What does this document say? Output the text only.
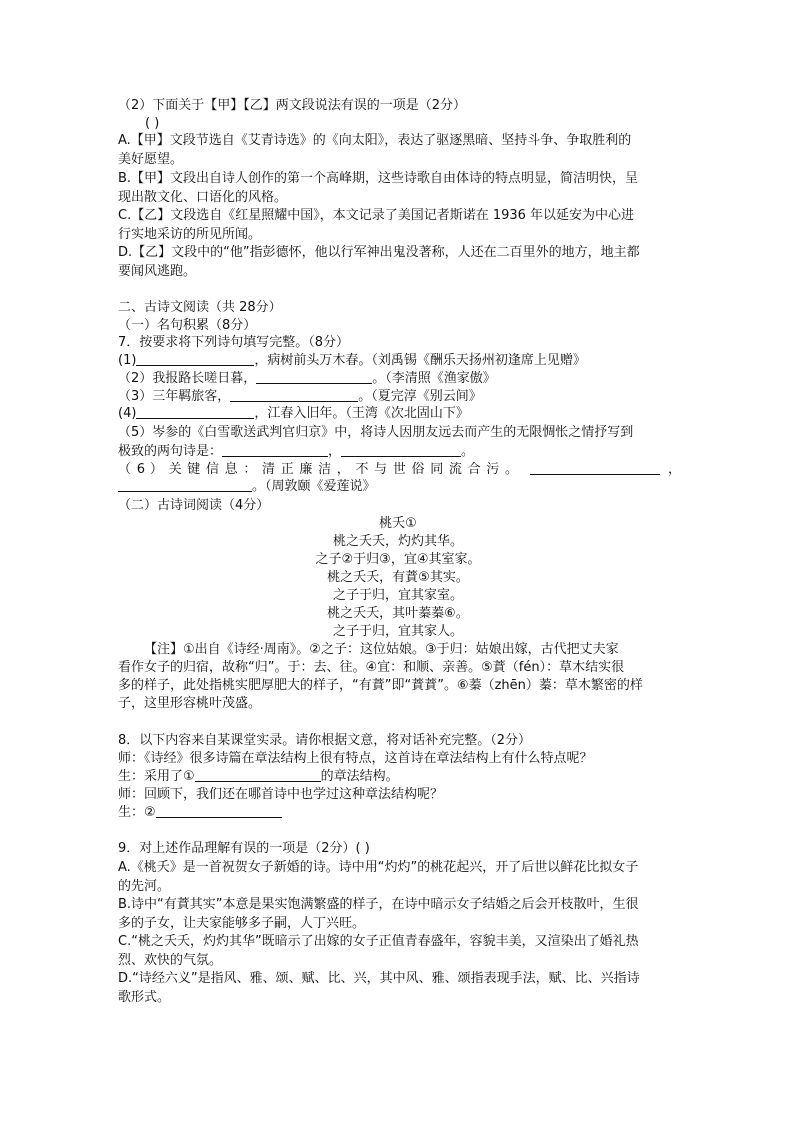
（2）下面关于【甲】【乙】两文段说法有误的一项是（2分）
( )
A.【甲】文段节选自《艾青诗选》的《向太阳》，表达了驱逐黑暗、坚持斗争、争取胜利的
美好愿望。
B.【甲】文段出自诗人创作的第一个高峰期，这些诗歌自由体诗的特点明显，简洁明快，呈
现出散文化、口语化的风格。
C.【乙】文段选自《红星照耀中国》，本文记录了美国记者斯诺在 1936 年以延安为中心进
行实地采访的所见所闻。
D.【乙】文段中的“他”指彭德怀，他以行军神出鬼没著称，人还在二百里外的地方，地主都
要闻风逃跑。
二、古诗文阅读（共 28分）
（一）名句积累（8分）
7．按要求将下列诗句填写完整。（8分）
(1)	，病树前头万木春。（刘禹锡《酬乐天扬州初逢席上见赠》
（2）我报路长嗟日暮，	。（李清照《渔家傲》
（3）三年羁旅客，	。（夏完淳《别云间》
(4)	，江春入旧年。（王湾《次北固山下》
（5）岑参的《白雪歌送武判官归京》中，将诗人因朋友远去而产生的无限惆怅之情抒写到
极致的两句诗是：	，	。
（ 6 ） 关 键 信 息 ： 清 正 廉 洁 ， 不 与 世 俗 同 流 合 污 。	，
。（周敦颐《爱莲说》
（二）古诗词阅读（4分）
桃夭①
桃之夭夭，灼灼其华。
之子②于归③，宜④其室家。
桃之夭夭，有蕡⑤其实。
之子于归，宜其家室。
桃之夭夭，其叶蓁蓁⑥。
之子于归，宜其家人。
【注】①出自《诗经·周南》。②之子：这位姑娘。③于归：姑娘出嫁，古代把丈夫家
看作女子的归宿，故称“归”。于：去、往。④宜：和顺、亲善。⑤蕡（fén）：草木结实很
多的样子，此处指桃实肥厚肥大的样子，“有蕡”即“蕡蕡”。⑥蓁（zhēn）蓁：草木繁密的样
子，这里形容桃叶茂盛。
8．以下内容来自某课堂实录。请你根据文意，将对话补充完整。（2分）
师：《诗经》很多诗篇在章法结构上很有特点，这首诗在章法结构上有什么特点呢？
生：采用了①	的章法结构。
师：回顾下，我们还在哪首诗中也学过这种章法结构呢？
生：②
9．对上述作品理解有误的一项是（2分）( )
A.《桃夭》是一首祝贺女子新婚的诗。诗中用“灼灼”的桃花起兴，开了后世以鲜花比拟女子
的先河。
B.诗中“有蕡其实”本意是果实饱满繁盛的样子，在诗中暗示女子结婚之后会开枝散叶，生很
多的子女，让夫家能够多子嗣，人丁兴旺。
C.“桃之夭夭，灼灼其华”既暗示了出嫁的女子正值青春盛年，容貌丰美，又渲染出了婚礼热
烈、欢快的气氛。
D.“诗经六义”是指风、雅、颂、赋、比、兴，其中风、雅、颂指表现手法，赋、比、兴指诗
歌形式。
